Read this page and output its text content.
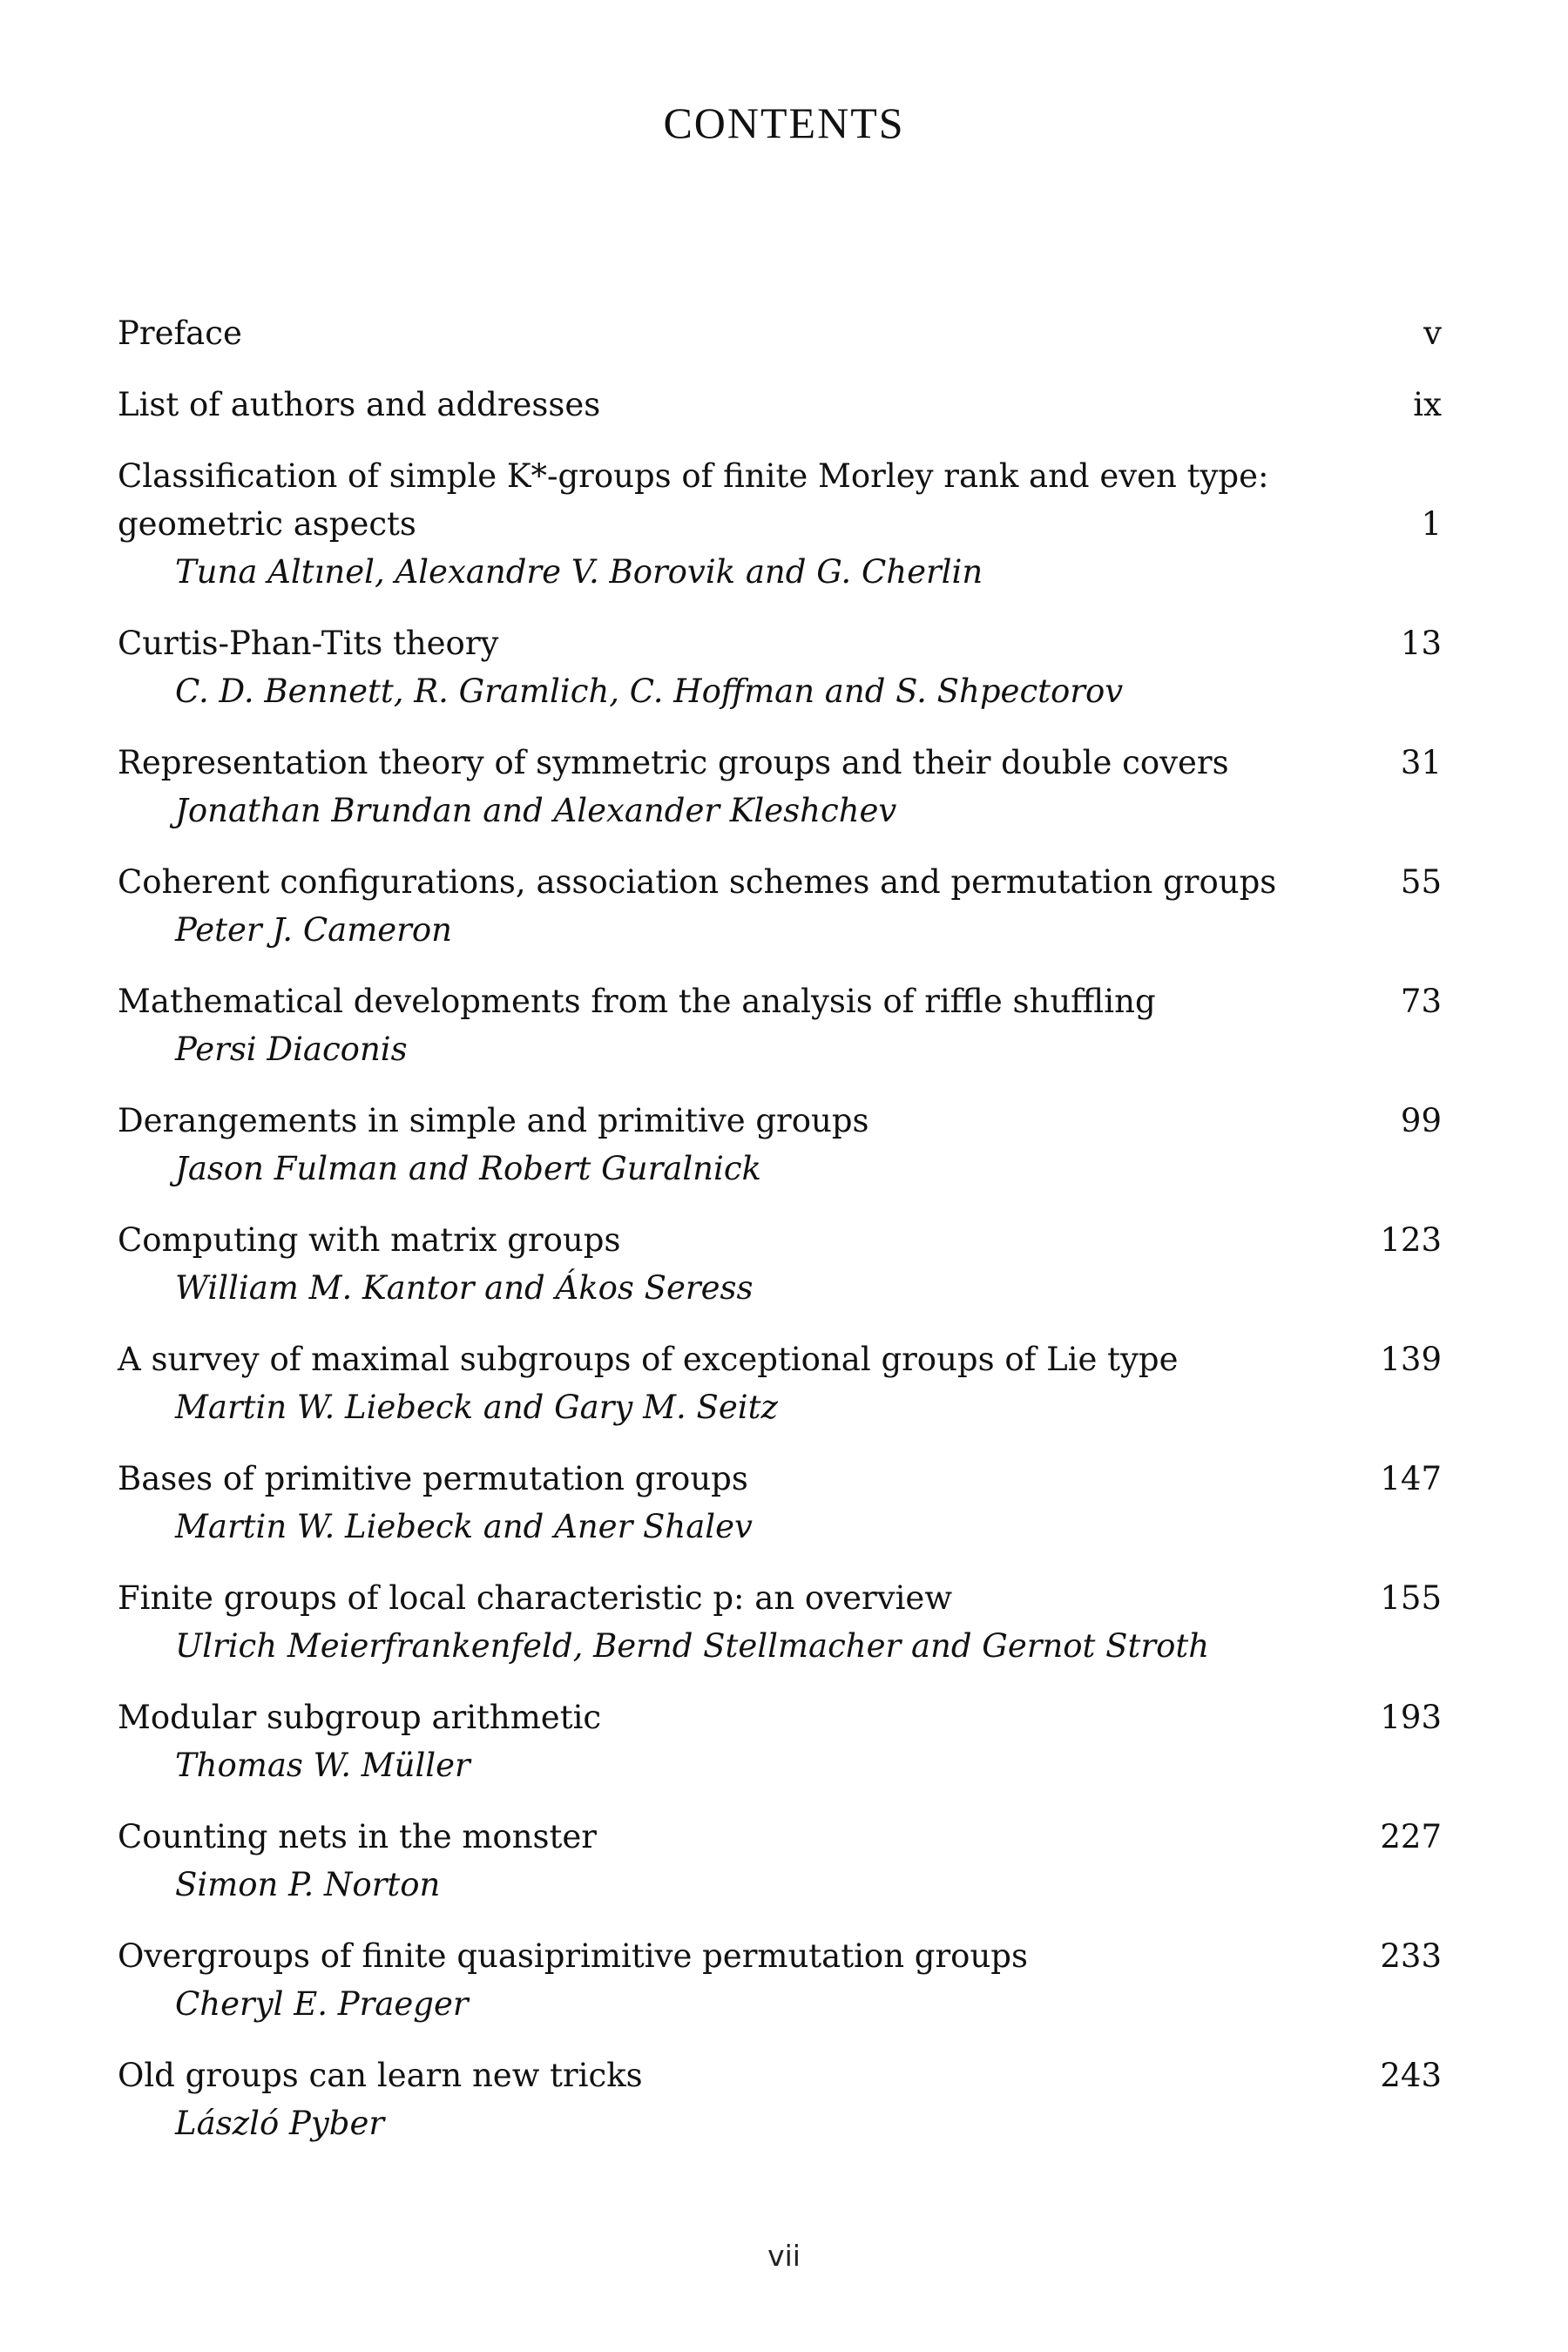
CONTENTS
Preface	v
List of authors and addresses	ix
Classification of simple K*-groups of finite Morley rank and even type: geometric aspects
Tuna Altınel, Alexandre V. Borovik and G. Cherlin
1
Curtis-Phan-Tits theory
C. D. Bennett, R. Gramlich, C. Hoffman and S. Shpectorov
13
Representation theory of symmetric groups and their double covers
Jonathan Brundan and Alexander Kleshchev
31
Coherent configurations, association schemes and permutation groups
Peter J. Cameron
55
Mathematical developments from the analysis of riffle shuffling
Persi Diaconis
73
Derangements in simple and primitive groups
Jason Fulman and Robert Guralnick
99
Computing with matrix groups
William M. Kantor and Ákos Seress
123
A survey of maximal subgroups of exceptional groups of Lie type
Martin W. Liebeck and Gary M. Seitz
139
Bases of primitive permutation groups
Martin W. Liebeck and Aner Shalev
147
Finite groups of local characteristic p: an overview
Ulrich Meierfrankenfeld, Bernd Stellmacher and Gernot Stroth
155
Modular subgroup arithmetic
Thomas W. Müller
193
Counting nets in the monster
Simon P. Norton
227
Overgroups of finite quasiprimitive permutation groups
Cheryl E. Praeger
233
Old groups can learn new tricks
László Pyber
243
vii
